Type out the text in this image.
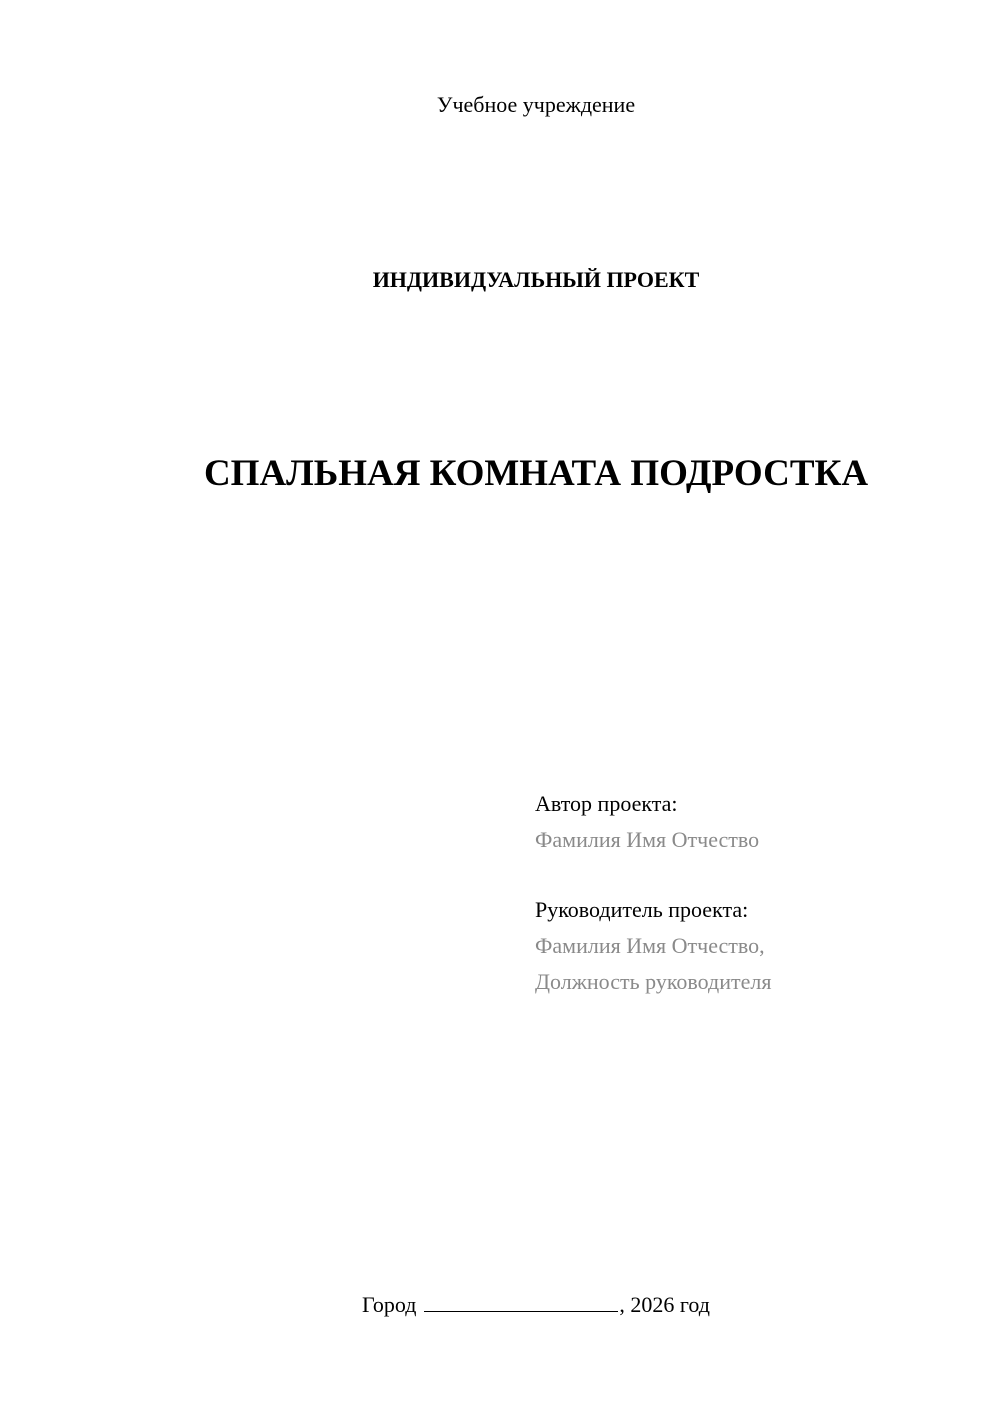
Учебное учреждение
ИНДИВИДУАЛЬНЫЙ ПРОЕКТ
СПАЛЬНАЯ КОМНАТА ПОДРОСТКА
Автор проекта:
Фамилия Имя Отчество
Руководитель проекта:
Фамилия Имя Отчество,
Должность руководителя
Город	, 2026 год
